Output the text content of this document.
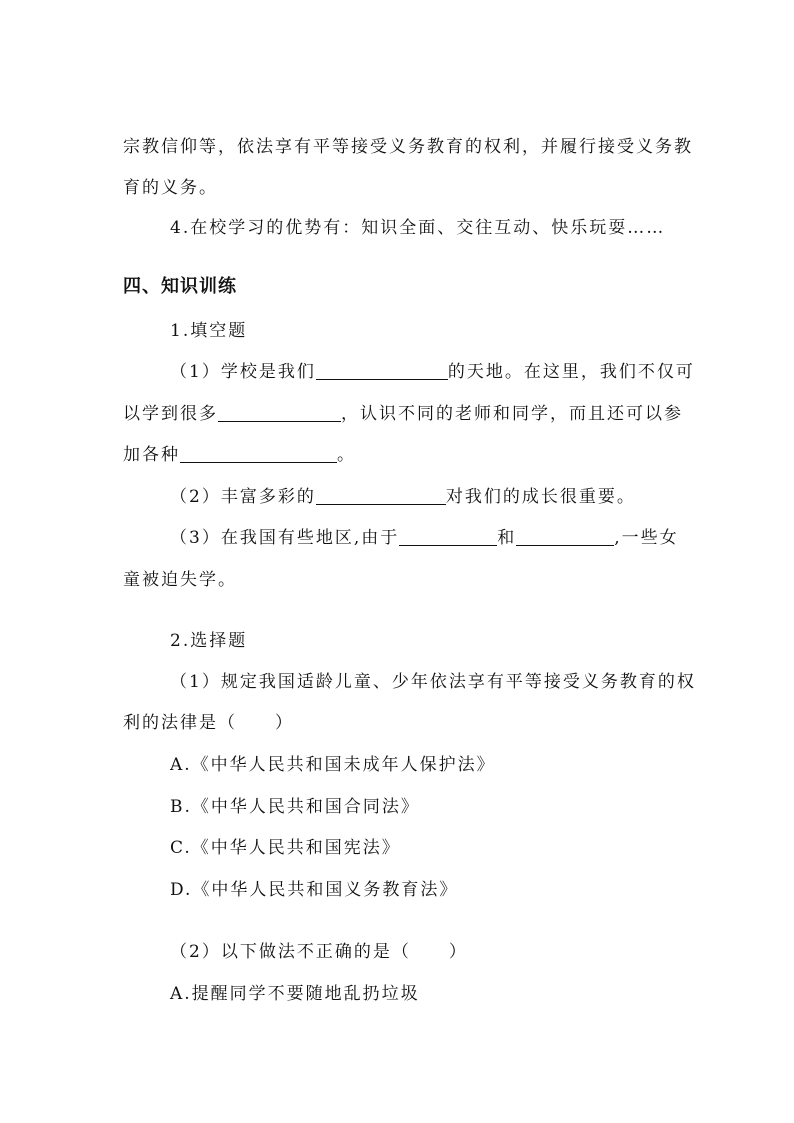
宗教信仰等，依法享有平等接受义务教育的权利，并履行接受义务教
育的义务。
4.在校学习的优势有：知识全面、交往互动、快乐玩耍……
四、知识训练
1.填空题
（1）学校是我们	的天地。在这里，我们不仅可
以学到很多	，认识不同的老师和同学，而且还可以参
加各种	。
（2）丰富多彩的	对我们的成长很重要。
（3）在我国有些地区,由于	和	,一些女
童被迫失学。
2.选择题
（1）规定我国适龄儿童、少年依法享有平等接受义务教育的权
利的法律是（　　）
A.《中华人民共和国未成年人保护法》
B.《中华人民共和国合同法》
C.《中华人民共和国宪法》
D.《中华人民共和国义务教育法》
（2）以下做法不正确的是（　　）
A.提醒同学不要随地乱扔垃圾
